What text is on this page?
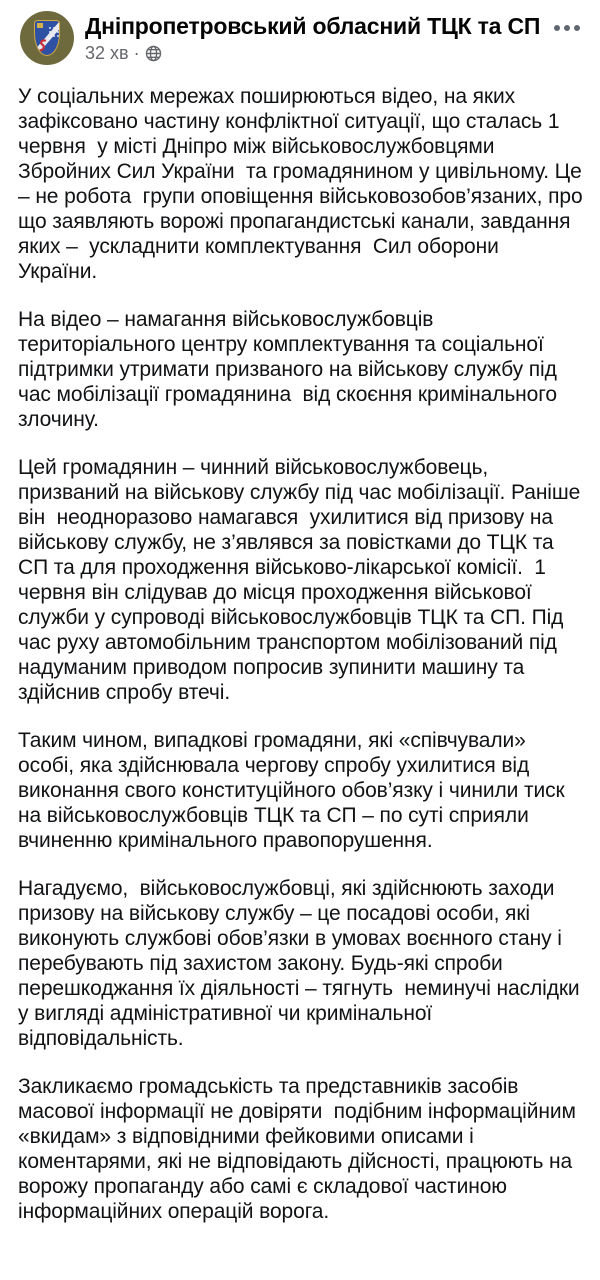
Дніпропетровський обласний ТЦК та СП
32 хв ·

У соціальних мережах поширюються відео, на яких зафіксовано частину конфліктної ситуації, що сталась 1 червня  у місті Дніпро між військовослужбовцями Збройних Сил України  та громадянином у цивільному. Це – не робота  групи оповіщення військовозобов’язаних, про що заявляють ворожі пропагандистські канали, завдання  яких –  ускладнити комплектування  Сил оборони України.

На відео – намагання військовослужбовців територіального центру комплектування та соціальної підтримки утримати призваного на військову службу під час мобілізації громадянина  від скоєння кримінального злочину.

Цей громадянин – чинний військовослужбовець, призваний на військову службу під час мобілізації. Раніше він  неодноразово намагався  ухилитися від призову на військову службу, не з’являвся за повістками до ТЦК та СП та для проходження військово-лікарської комісії.  1 червня він слідував до місця проходження військової служби у супроводі військовослужбовців ТЦК та СП. Під час руху автомобільним транспортом мобілізований під надуманим приводом попросив зупинити машину та здійснив спробу втечі.

Таким чином, випадкові громадяни, які «співчували» особі, яка здійснювала чергову спробу ухилитися від виконання свого конституційного обов’язку і чинили тиск на військовослужбовців ТЦК та СП – по суті сприяли вчиненню кримінального правопорушення.

Нагадуємо,  військовослужбовці, які здійснюють заходи призову на військову службу – це посадові особи, які виконують службові обов’язки в умовах воєнного стану і перебувають під захистом закону. Будь-які спроби перешкоджання їх діяльності – тягнуть  неминучі наслідки у вигляді адміністративної чи кримінальної відповідальність.

Закликаємо громадськість та представників засобів масової інформації не довіряти  подібним інформаційним «вкидам» з відповідними фейковими описами і коментарями, які не відповідають дійсності, працюють на ворожу пропаганду або самі є складової частиною інформаційних операцій ворога.
